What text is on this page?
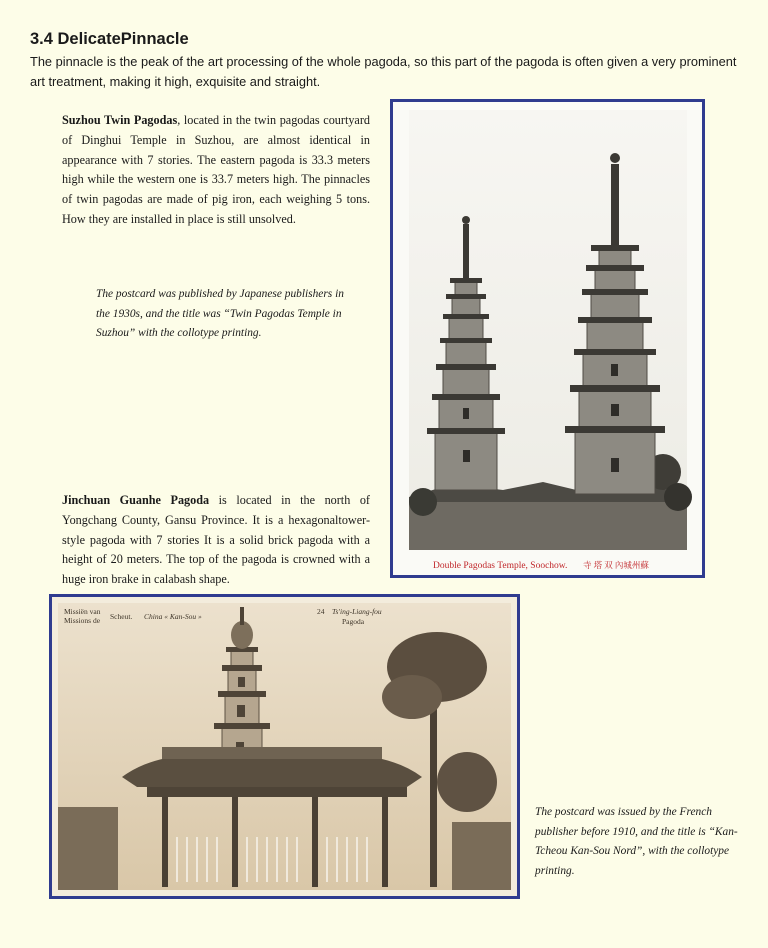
3.4 DelicatePinnacle

The pinnacle is the peak of the art processing of the whole pagoda, so this part of the pagoda is often given a very prominent art treatment, making it high, exquisite and straight.

Suzhou Twin Pagodas, located in the twin pagodas courtyard of Dinghui Temple in Suzhou, are almost identical in appearance with 7 stories. The eastern pagoda is 33.3 meters high while the western one is 33.7 meters high. The pinnacles of twin pagodas are made of pig iron, each weighing 5 tons. How they are installed in place is still unsolved.

The postcard was published by Japanese publishers in the 1930s, and the title was “Twin Pagodas Temple in Suzhou” with the collotype printing.

Double Pagodas Temple, Soochow. 寺 塔 双 內城州蘇

Jinchuan Guanhe Pagoda is located in the north of Yongchang County, Gansu Province. It is a hexagonaltower-style pagoda with 7 stories It is a solid brick pagoda with a height of 20 meters. The top of the pagoda is crowned with a huge iron brake in calabash shape.

Missiën van
Missions de Scheut. China « Kan-Sou »
24 Ts'ing-Liang-fou
Pagoda

The postcard was issued by the French publisher before 1910, and the title is “Kan-Tcheou Kan-Sou Nord”, with the collotype printing.
